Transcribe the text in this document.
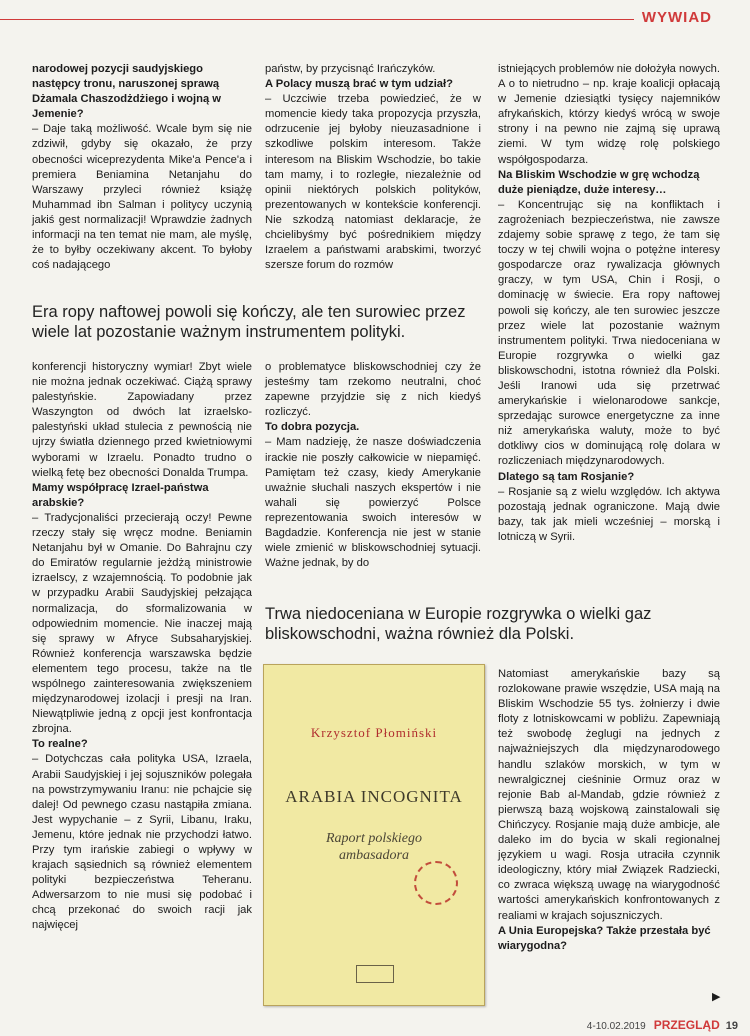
WYWIAD

narodowej pozycji saudyjskiego następcy tronu, naruszonej sprawą Dżamala Chaszodżdżiego i wojną w Jemenie?

– Daje taką możliwość. Wcale bym się nie zdziwił, gdyby się okazało, że przy obecności wiceprezydenta Mike'a Pence'a i premiera Beniamina Netanjahu do Warszawy przyleci również książę Muhammad ibn Salman i politycy uczynią jakiś gest normalizacji! Wprawdzie żadnych informacji na ten temat nie mam, ale myślę, że to byłby oczekiwany akcent. To byłoby coś nadającego

państw, by przycisnąć Irańczyków.

A Polacy muszą brać w tym udział?

– Uczciwie trzeba powiedzieć, że w momencie kiedy taka propozycja przyszła, odrzucenie jej byłoby nieuzasadnione i szkodliwe polskim interesom. Także interesom na Bliskim Wschodzie, bo takie tam mamy, i to rozległe, niezależnie od opinii niektórych polskich polityków, prezentowanych w kontekście konferencji. Nie szkodzą natomiast deklaracje, że chcielibyśmy być pośrednikiem między Izraelem a państwami arabskimi, tworzyć szersze forum do rozmów

istniejących problemów nie dołożyła nowych. A o to nietrudno – np. kraje koalicji opłacają w Jemenie dziesiątki tysięcy najemników afrykańskich, którzy kiedyś wrócą w swoje strony i na pewno nie zajmą się uprawą ziemi. W tym widzę rolę polskiego współgospodarza.

Na Bliskim Wschodzie w grę wchodzą duże pieniądze, duże interesy…

– Koncentrując się na konfliktach i zagrożeniach bezpieczeństwa, nie zawsze zdajemy sobie sprawę z tego, że tam się toczy w tej chwili wojna o potężne interesy gospodarcze oraz rywalizacja głównych graczy, w tym USA, Chin i Rosji, o dominację w świecie. Era ropy naftowej powoli się kończy, ale ten surowiec jeszcze przez wiele lat pozostanie ważnym instrumentem polityki. Trwa niedoceniana w Europie rozgrywka o wielki gaz bliskowschodni, istotna również dla Polski. Jeśli Iranowi uda się przetrwać amerykańskie i wielonarodowe sankcje, sprzedając surowce energetyczne za inne niż amerykańska waluty, może to być dotkliwy cios w dominującą rolę dolara w rozliczeniach międzynarodowych.

Dlatego są tam Rosjanie?

– Rosjanie są z wielu względów. Ich aktywa pozostają jednak ograniczone. Mają dwie bazy, tak jak mieli wcześniej – morską i lotniczą w Syrii.

Era ropy naftowej powoli się kończy, ale ten surowiec przez wiele lat pozostanie ważnym instrumentem polityki.

konferencji historyczny wymiar! Zbyt wiele nie można jednak oczekiwać. Ciążą sprawy palestyńskie. Zapowiadany przez Waszyngton od dwóch lat izraelsko-palestyński układ stulecia z pewnością nie ujrzy światła dziennego przed kwietniowymi wyborami w Izraelu. Ponadto trudno o wielką fetę bez obecności Donalda Trumpa.

Mamy współpracę Izrael-państwa arabskie?

– Tradycjonaliści przecierają oczy! Pewne rzeczy stały się wręcz modne. Beniamin Netanjahu był w Omanie. Do Bahrajnu czy do Emiratów regularnie jeżdżą ministrowie izraelscy, z wzajemnością. To podobnie jak w przypadku Arabii Saudyjskiej pełzająca normalizacja, do sformalizowania w odpowiednim momencie. Nie inaczej mają się sprawy w Afryce Subsaharyjskiej. Również konferencja warszawska będzie elementem tego procesu, także na tle wspólnego zainteresowania zwiększeniem międzynarodowej izolacji i presji na Iran. Niewątpliwie jedną z opcji jest konfrontacja zbrojna.

To realne?

– Dotychczas cała polityka USA, Izraela, Arabii Saudyjskiej i jej sojuszników polegała na powstrzymywaniu Iranu: nie pchajcie się dalej! Od pewnego czasu nastąpiła zmiana. Jest wypychanie – z Syrii, Libanu, Iraku, Jemenu, które jednak nie przychodzi łatwo. Przy tym irańskie zabiegi o wpływy w krajach sąsiednich są również elementem polityki bezpieczeństwa Teheranu. Adwersarzom to nie musi się podobać i chcą przekonać do swoich racji jak najwięcej

o problematyce bliskowschodniej czy że jesteśmy tam rzekomo neutralni, choć zapewne przyjdzie się z nich kiedyś rozliczyć.

To dobra pozycja.

– Mam nadzieję, że nasze doświadczenia irackie nie poszły całkowicie w niepamięć. Pamiętam też czasy, kiedy Amerykanie uważnie słuchali naszych ekspertów i nie wahali się powierzyć Polsce reprezentowania swoich interesów w Bagdadzie. Konferencja nie jest w stanie wiele zmienić w bliskowschodniej sytuacji. Ważne jednak, by do

Trwa niedoceniana w Europie rozgrywka o wielki gaz bliskowschodni, ważna również dla Polski.
Krzysztof Płomiński
ARABIA INCOGNITA
Raport polskiego ambasadora

Natomiast amerykańskie bazy są rozlokowane prawie wszędzie, USA mają na Bliskim Wschodzie 55 tys. żołnierzy i dwie floty z lotniskowcami w pobliżu. Zapewniają też swobodę żeglugi na jednych z najważniejszych dla międzynarodowego handlu szlaków morskich, w tym w newralgicznej cieśninie Ormuz oraz w rejonie Bab al-Mandab, gdzie również z pierwszą bazą wojskową zainstalowali się Chińczycy. Rosjanie mają duże ambicje, ale daleko im do bycia w skali regionalnej językiem u wagi. Rosja utraciła czynnik ideologiczny, który miał Związek Radziecki, co zwraca większą uwagę na wiarygodność wartości amerykańskich konfrontowanych z realiami w krajach sojuszniczych.

A Unia Europejska? Także przestała być wiarygodna?

▶
4-10.02.2019 PRZEGLĄD 19
